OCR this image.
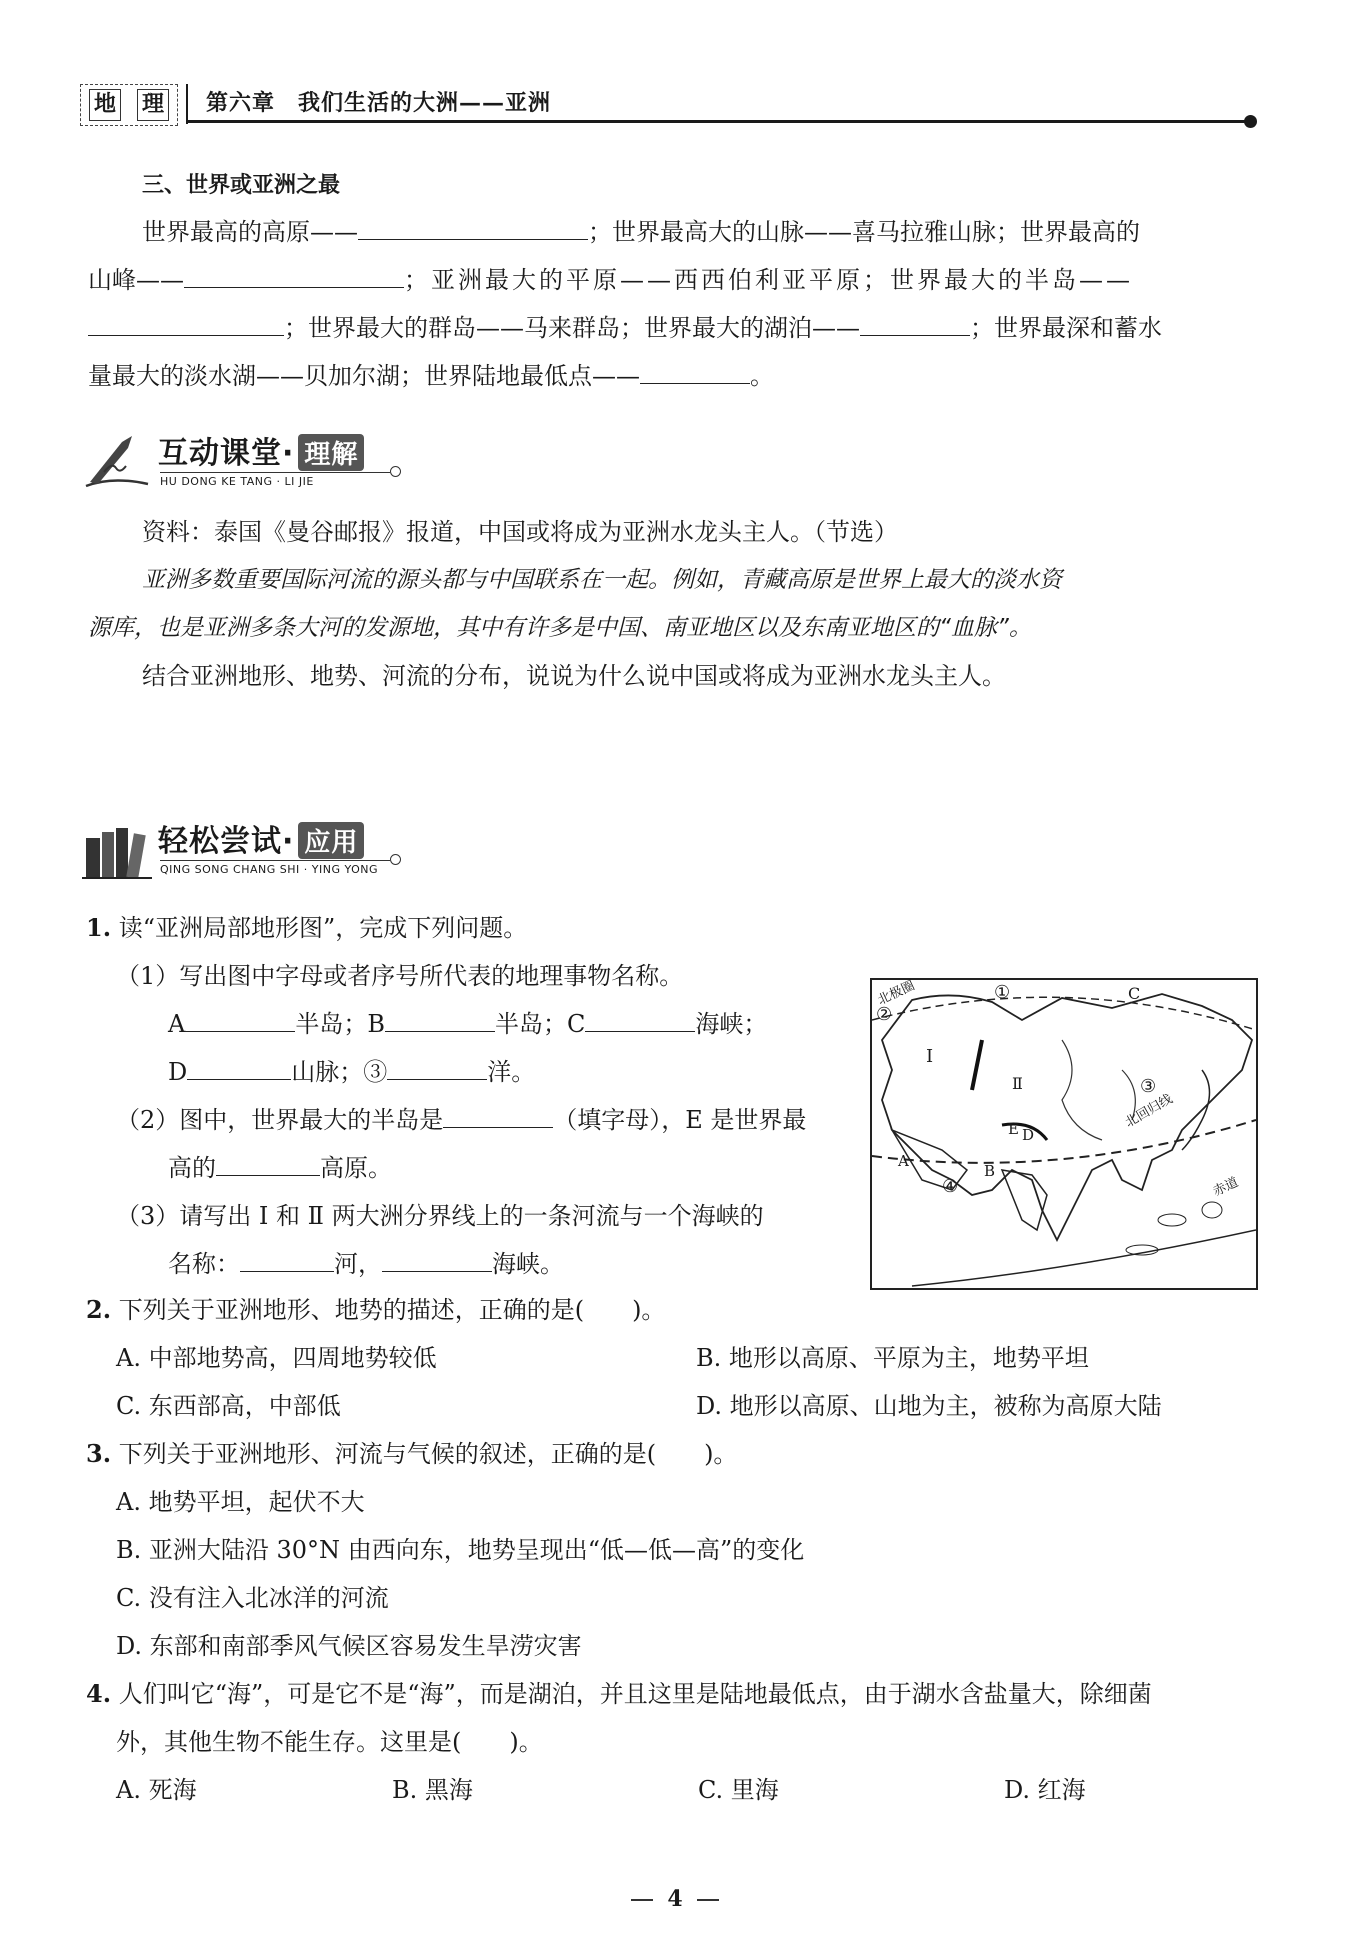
地 理 第六章　我们生活的大洲——亚洲
三、世界或亚洲之最

世界最高的高原——	；世界最高大的山脉——喜马拉雅山脉；世界最高的

山峰——	；亚洲最大的平原——西西伯利亚平原；世界最大的半岛——

；世界最大的群岛——马来群岛；世界最大的湖泊——	；世界最深和蓄水

量最大的淡水湖——贝加尔湖；世界陆地最低点——	。

互动课堂· 理解
HU DONG KE TANG · LI JIE

资料：泰国《曼谷邮报》报道，中国或将成为亚洲水龙头主人。（节选）

亚洲多数重要国际河流的源头都与中国联系在一起。例如，青藏高原是世界上最大的淡水资

源库，也是亚洲多条大河的发源地，其中有许多是中国、南亚地区以及东南亚地区的“血脉”。

结合亚洲地形、地势、河流的分布，说说为什么说中国或将成为亚洲水龙头主人。

轻松尝试· 应用
QING SONG CHANG SHI · YING YONG
1. 读“亚洲局部地形图”，完成下列问题。
（1）写出图中字母或者序号所代表的地理事物名称。
A	半岛；B	半岛；C	海峡；
D	山脉；③	洋。
（2）图中，世界最大的半岛是	（填字母），E 是世界最
高的	高原。
（3）请写出 Ⅰ 和 Ⅱ 两大洲分界线上的一条河流与一个海峡的
名称：	河，	海峡。
北极圈	①
②
C
Ⅰ
Ⅱ	③
北回归线
E D
A
B
④	赤道
2. 下列关于亚洲地形、地势的描述，正确的是(　　)。
A. 中部地势高，四周地势较低	B. 地形以高原、平原为主，地势平坦
C. 东西部高，中部低	D. 地形以高原、山地为主，被称为高原大陆
3. 下列关于亚洲地形、河流与气候的叙述，正确的是(　　)。
A. 地势平坦，起伏不大
B. 亚洲大陆沿 30°N 由西向东，地势呈现出“低—低—高”的变化
C. 没有注入北冰洋的河流
D. 东部和南部季风气候区容易发生旱涝灾害
4. 人们叫它“海”，可是它不是“海”，而是湖泊，并且这里是陆地最低点，由于湖水含盐量大，除细菌
外，其他生物不能生存。这里是(　　)。
A. 死海	B. 黑海	C. 里海	D. 红海
4
